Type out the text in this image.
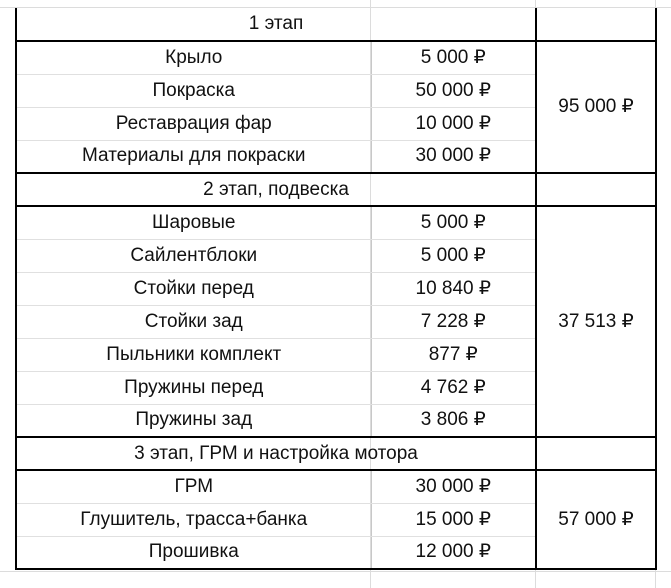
1 этап		
Крыло	5 000 ₽	95 000 ₽
Покраска	50 000 ₽	
Реставрация фар	10 000 ₽	
Материалы для покраски	30 000 ₽	
2 этап, подвеска		
Шаровые	5 000 ₽	37 513 ₽
Сайлентблоки	5 000 ₽	
Стойки перед	10 840 ₽	
Стойки зад	7 228 ₽	
Пыльники комплект	877 ₽	
Пружины перед	4 762 ₽	
Пружины зад	3 806 ₽	
3 этап, ГРМ и настройка мотора		
ГРМ	30 000 ₽	57 000 ₽
Глушитель, трасса+банка	15 000 ₽	
Прошивка	12 000 ₽	
